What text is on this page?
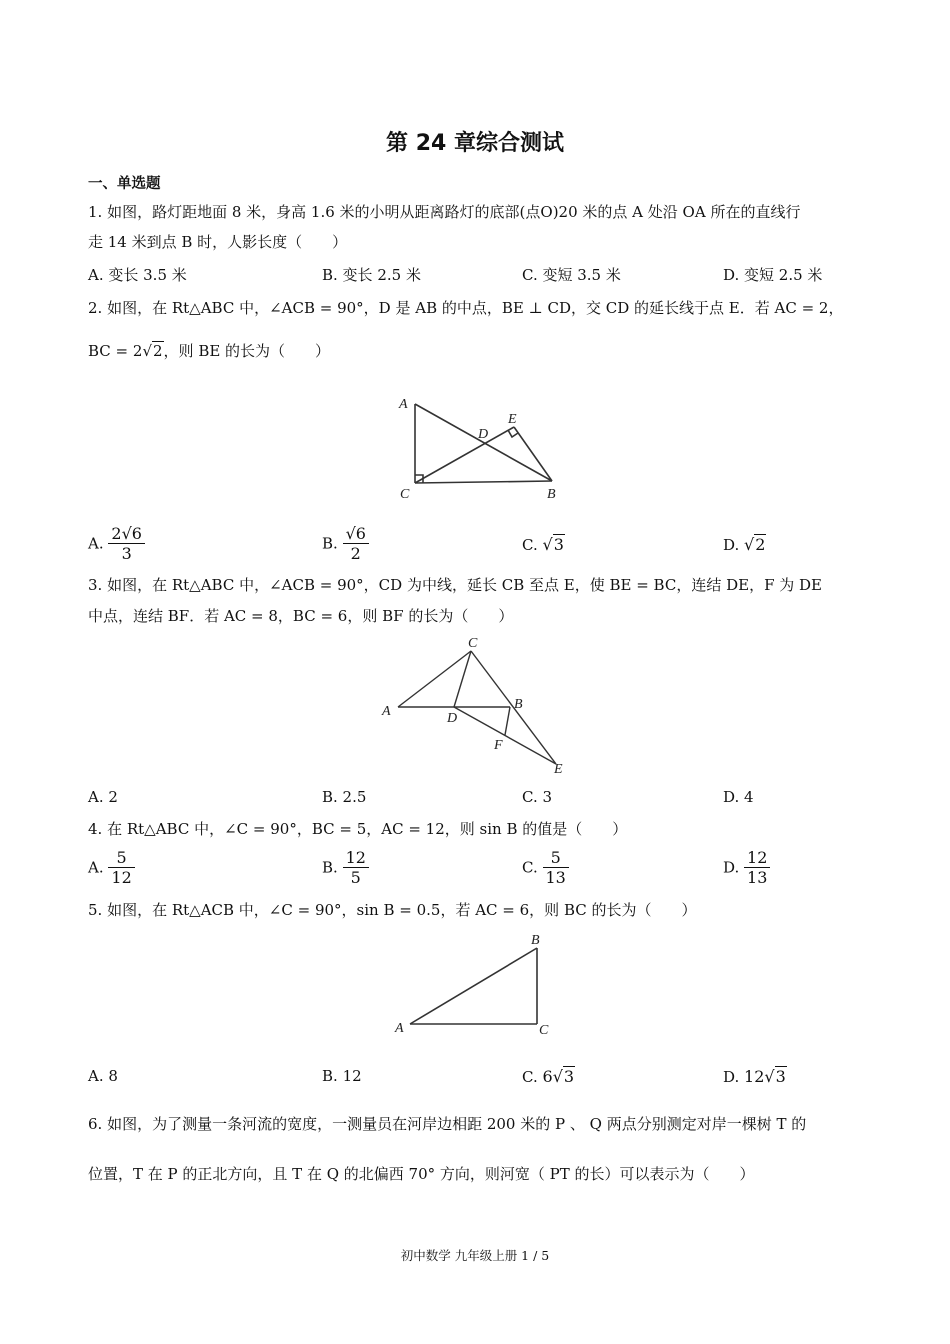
第 24 章综合测试
一、单选题
1. 如图，路灯距地面 8 米，身高 1.6 米的小明从距离路灯的底部(点O)20 米的点 A 处沿 OA 所在的直线行
走 14 米到点 B 时，人影长度（　　）
A. 变长 3.5 米	B. 变长 2.5 米	C. 变短 3.5 米	D. 变短 2.5 米
2. 如图，在 Rt△ABC 中，∠ACB = 90°，D 是 AB 的中点，BE ⊥ CD，交 CD 的延长线于点 E．若 AC = 2，
BC = 2√2，则 BE 的长为（　　）
A
D
E
C	B
A. $\frac{2√6}{3}$	B. $\frac{√6}{2}$	C. √3	D. √2
3. 如图，在 Rt△ABC 中，∠ACB = 90°，CD 为中线，延长 CB 至点 E，使 BE = BC，连结 DE，F 为 DE
中点，连结 BF．若 AC = 8，BC = 6，则 BF 的长为（　　）
C
A	D
B
F
E
A. 2	B. 2.5	C. 3	D. 4
4. 在 Rt△ABC 中，∠C = 90°，BC = 5，AC = 12，则 sin B 的值是（　　）
A. $\frac{5}{12}$	B. $\frac{12}{5}$	C. $\frac{5}{13}$	D. $\frac{12}{13}$
5. 如图，在 Rt△ACB 中，∠C = 90°，sin B = 0.5，若 AC = 6，则 BC 的长为（　　）
B
A	C
A. 8	B. 12	C. 6√3	D. 12√3
6. 如图，为了测量一条河流的宽度，一测量员在河岸边相距 200 米的 P 、 Q 两点分别测定对岸一棵树 T 的
位置，T 在 P 的正北方向，且 T 在 Q 的北偏西 70° 方向，则河宽（ PT 的长）可以表示为（　　）
初中数学 九年级上册 1 / 5
